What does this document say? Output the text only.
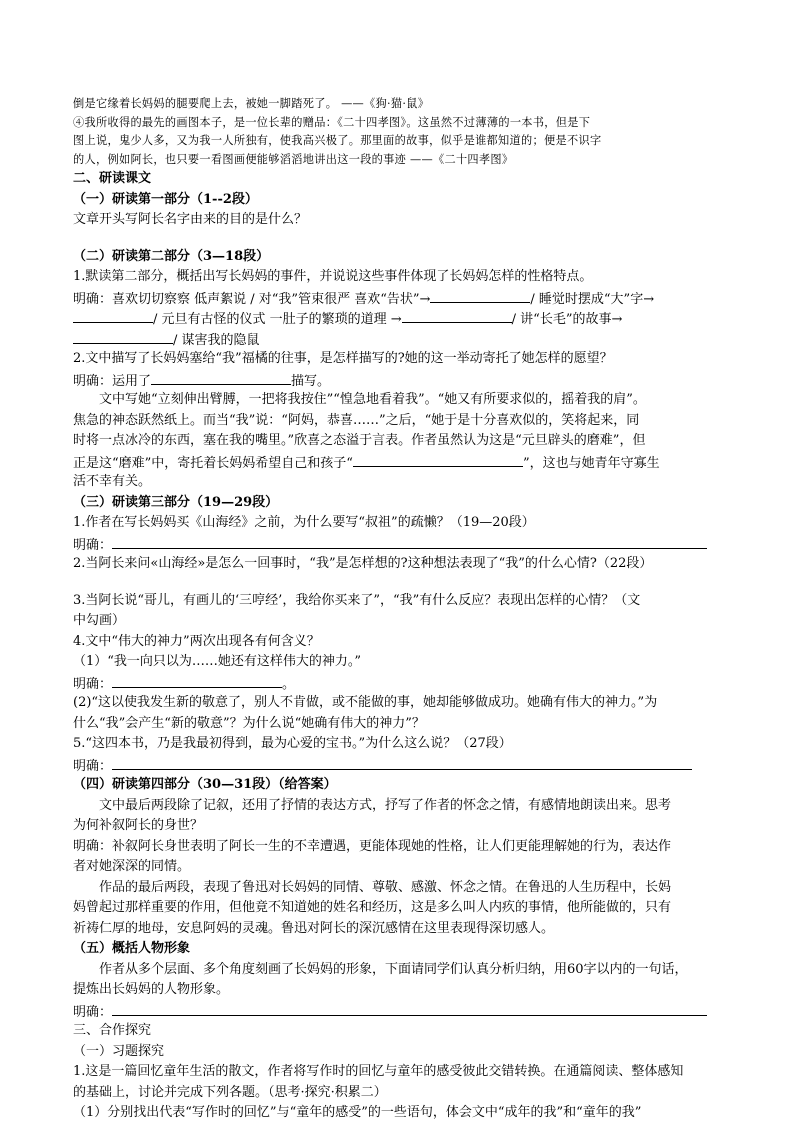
倒是它缘着长妈妈的腿要爬上去，被她一脚踏死了。 ——《狗·猫·鼠》
④我所收得的最先的画图本子，是一位长辈的赠品：《二十四孝图》。这虽然不过薄薄的一本书，但是下
图上说，鬼少人多，又为我一人所独有，使我高兴极了。那里面的故事，似乎是谁都知道的；便是不识字
的人，例如阿长，也只要一看图画便能够滔滔地讲出这一段的事迹 ——《二十四孝图》
二、研读课文
（一）研读第一部分（1--2段）
文章开头写阿长名字由来的目的是什么？
（二）研读第二部分（3—18段）
1.默读第二部分，概括出写长妈妈的事件，并说说这些事件体现了长妈妈怎样的性格特点。
明确：喜欢切切察察 低声絮说 / 对“我”管束很严 喜欢“告状”→	/ 睡觉时摆成“大”字→
/ 元旦有古怪的仪式 一肚子的繁琐的道理 →	/ 讲“长毛”的故事→
/ 谋害我的隐鼠
2.文中描写了长妈妈塞给“我”福橘的往事，是怎样描写的?她的这一举动寄托了她怎样的愿望？
明确：运用了	描写。
文中写她“立刻伸出臂膊，一把将我按住”“惶急地看着我”。“她又有所要求似的，摇着我的肩”。
焦急的神态跃然纸上。而当“我”说：“阿妈，恭喜……”之后，“她于是十分喜欢似的，笑将起来，同
时将一点冰冷的东西，塞在我的嘴里。”欣喜之态溢于言表。作者虽然认为这是“元旦辟头的磨难”，但
正是这“磨难”中，寄托着长妈妈希望自己和孩子“	”，这也与她青年守寡生
活不幸有关。
（三）研读第三部分（19—29段）
1.作者在写长妈妈买《山海经》之前，为什么要写“叔祖”的疏懒？（19—20段）
明确：
2.当阿长来问«山海经»是怎么一回事时，“我”是怎样想的?这种想法表现了“我”的什么心情?（22段）
3.当阿长说“哥儿，有画儿的‘三哼经’，我给你买来了”，“我”有什么反应？表现出怎样的心情？（文
中勾画）
4.文中“伟大的神力”两次出现各有何含义？
（1）“我一向只以为……她还有这样伟大的神力。”
明确：	。
(2)“这以使我发生新的敬意了，别人不肯做，或不能做的事，她却能够做成功。她确有伟大的神力。”为
什么“我”会产生“新的敬意”？为什么说“她确有伟大的神力”？
5.“这四本书，乃是我最初得到，最为心爱的宝书。”为什么这么说？（27段）
明确：
（四）研读第四部分（30—31段）（给答案）
文中最后两段除了记叙，还用了抒情的表达方式，抒写了作者的怀念之情，有感情地朗读出来。思考
为何补叙阿长的身世？
明确：补叙阿长身世表明了阿长一生的不幸遭遇，更能体现她的性格，让人们更能理解她的行为，表达作
者对她深深的同情。
作品的最后两段，表现了鲁迅对长妈妈的同情、尊敬、感激、怀念之情。在鲁迅的人生历程中，长妈
妈曾起过那样重要的作用，但他竟不知道她的姓名和经历，这是多么叫人内疚的事情，他所能做的，只有
祈祷仁厚的地母，安息阿妈的灵魂。鲁迅对阿长的深沉感情在这里表现得深切感人。
（五）概括人物形象
作者从多个层面、多个角度刻画了长妈妈的形象，下面请同学们认真分析归纳，用60字以内的一句话，
提炼出长妈妈的人物形象。
明确：
三、合作探究
（一）习题探究
1.这是一篇回忆童年生活的散文，作者将写作时的回忆与童年的感受彼此交错转换。在通篇阅读、整体感知
的基础上，讨论并完成下列各题。（思考·探究·积累二）
（1）分别找出代表“写作时的回忆”与“童年的感受”的一些语句，体会文中“成年的我”和“童年的我”
